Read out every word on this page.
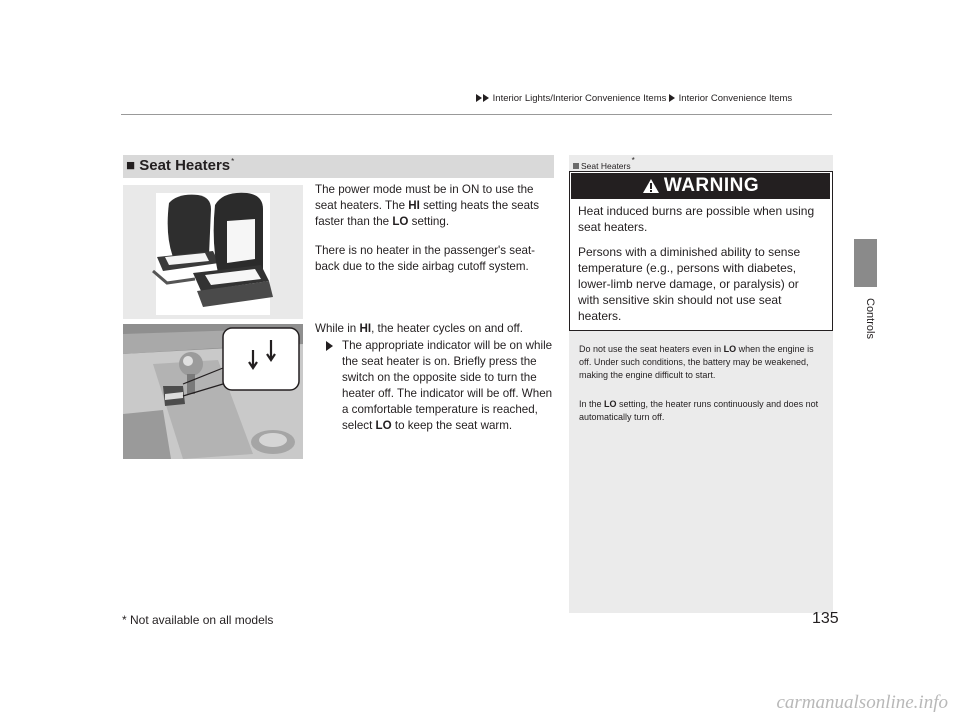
Interior Lights/Interior Convenience Items Interior Convenience Items
Controls
■ Seat Heaters*
The power mode must be in ON to use the seat heaters. The HI setting heats the seats faster than the LO setting.
There is no heater in the passenger's seat-back due to the side airbag cutoff system.
While in HI, the heater cycles on and off.
The appropriate indicator will be on while the seat heater is on. Briefly press the switch on the opposite side to turn the heater off. The indicator will be off. When a comfortable temperature is reached, select LO to keep the seat warm.
Seat Heaters*
WARNING
Heat induced burns are possible when using seat heaters.
Persons with a diminished ability to sense temperature (e.g., persons with diabetes, lower-limb nerve damage, or paralysis) or with sensitive skin should not use seat heaters.
Do not use the seat heaters even in LO when the engine is off. Under such conditions, the battery may be weakened, making the engine difficult to start.
In the LO setting, the heater runs continuously and does not automatically turn off.
135
* Not available on all models
carmanualsonline.info
